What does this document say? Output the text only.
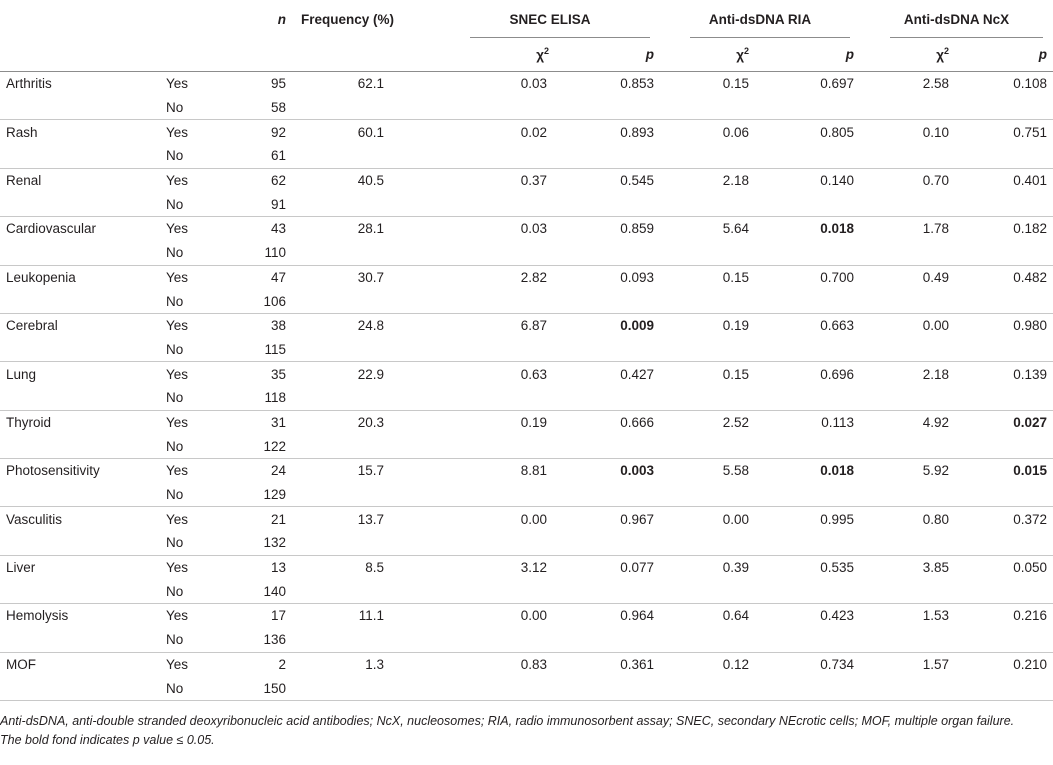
		n	Frequency (%)	SNEC ELISA		Anti-dsDNA RIA		Anti-dsDNA NcX	

				$\chi^2$	p	$\chi^2$	p	$\chi^2$	p
Arthritis	Yes	95	62.1	0.03	0.853	0.15	0.697	2.58	0.108
	No	58							
Rash	Yes	92	60.1	0.02	0.893	0.06	0.805	0.10	0.751
	No	61							
Renal	Yes	62	40.5	0.37	0.545	2.18	0.140	0.70	0.401
	No	91							
Cardiovascular	Yes	43	28.1	0.03	0.859	5.64	0.018	1.78	0.182
	No	110							
Leukopenia	Yes	47	30.7	2.82	0.093	0.15	0.700	0.49	0.482
	No	106							
Cerebral	Yes	38	24.8	6.87	0.009	0.19	0.663	0.00	0.980
	No	115							
Lung	Yes	35	22.9	0.63	0.427	0.15	0.696	2.18	0.139
	No	118							
Thyroid	Yes	31	20.3	0.19	0.666	2.52	0.113	4.92	0.027
	No	122							
Photosensitivity	Yes	24	15.7	8.81	0.003	5.58	0.018	5.92	0.015
	No	129							
Vasculitis	Yes	21	13.7	0.00	0.967	0.00	0.995	0.80	0.372
	No	132							
Liver	Yes	13	8.5	3.12	0.077	0.39	0.535	3.85	0.050
	No	140							
Hemolysis	Yes	17	11.1	0.00	0.964	0.64	0.423	1.53	0.216
	No	136							
MOF	Yes	2	1.3	0.83	0.361	0.12	0.734	1.57	0.210
	No	150							

Anti-dsDNA, anti-double stranded deoxyribonucleic acid antibodies; NcX, nucleosomes; RIA, radio immunosorbent assay; SNEC, secondary NEcrotic cells; MOF, multiple organ failure.

The bold fond indicates p value ≤ 0.05.
